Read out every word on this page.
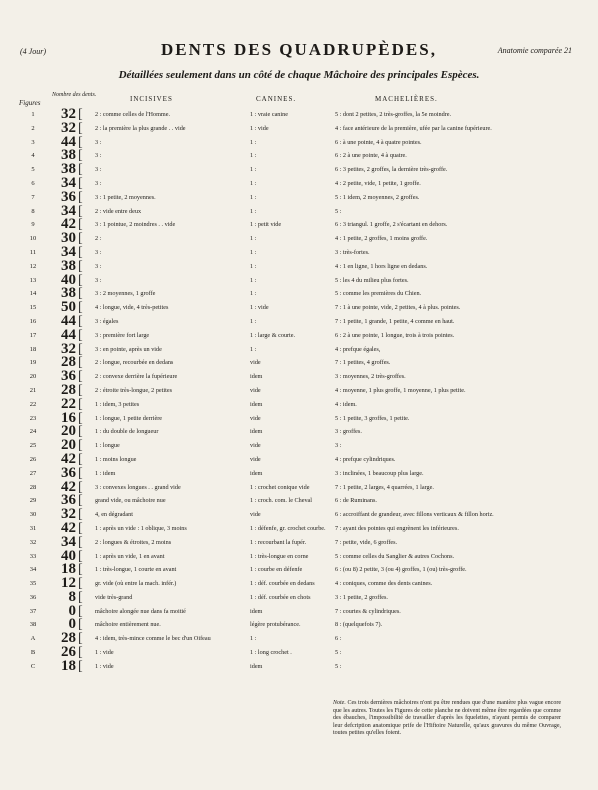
(4 Jour)	DENTS DES QUADRUPÈDES,	Anatomie comparée 21
Détaillées seulement dans un côté de chaque Mâchoire des principales Espèces.
Figures
Nombre des dents.	INCISIVES	CANINES.	MACHELIÈRES.
1	32	2 : comme celles de l'Homme.	1 : vraie canine	5 : dont 2 petites, 2 très-groffes, la 5e moindre.
[
2	32	2 : la première la plus grande . . vide	1 : vide	4 : face antérieure de la première, ufée par la canine fupérieure.
[
3	44	3 :	1 :	6 : à une pointe, 4 à quatre pointes.
[
4	38	3 :	1 :	6 : 2 à une pointe, 4 à quatre.
[
5	38	3 :	1 :	6 : 3 petites, 2 groffes, la dernière très-groffe.
[
6	34	3 :	1 :	4 : 2 petite, vide, 1 petite, 1 groffe.
[
7	36	3 : 1 petite, 2 moyennes.	1 :	5 : 1 idem, 2 moyennes, 2 groffes.
[
8	34	2 : vide entre deux	1 :	5 :
[
9	42	3 : 1 pointue, 2 moindres . . vide	1 : petit vide	6 : 3 triangul. 1 groffe, 2 s'écartant en dehors.
[
10	30	2 :	1 :	4 : 1 petite, 2 groffes, 1 moins groffe.
[
11	34	3 :	1 :	3 : très-fortes.
[
12	38	3 :	1 :	4 : 1 en ligne, 1 hors ligne en dedans.
[
13	40	3 :	1 :	5 : les 4 du milieu plus fortes.
[
14	38	3 : 2 moyennes, 1 groffe	1 :	5 : comme les premières du Chien.
[
15	50	4 : longue, vide, 4 très-petites	1 : vide	7 : 1 à une pointe, vide, 2 petites, 4 à plus. pointes.
[
16	44	3 : égales	1 :	7 : 1 petite, 1 grande, 1 petite, 4 comme en haut.
[
17	44	3 : première fort large	1 : large & courte.	6 : 2 à une pointe, 1 longue, trois à trois pointes.
[
18	32	3 : en pointe, après un vide	1 :	4 : prefque égales,
[
19	28	2 : longue, recourbée en dedans	vide	7 : 1 petites, 4 groffes.
[
20	36	2 : convexe derrière la fupérieure	idem	3 : moyennes, 2 très-groffes.
[
21	28	2 : étroite très-longue, 2 petites	vide	4 : moyenne, 1 plus groffe, 1 moyenne, 1 plus petite.
[
22	22	1 : idem, 3 petites	idem	4 : idem.
[
23	16	1 : longue, 1 petite derrière	vide	5 : 1 petite, 3 groffes, 1 petite.
[
24	20	1 : du double de longueur	idem	3 : groffes.
[
25	20	1 : longue	vide	3 :
[
26	42	1 : moins longue	vide	4 : prefque cylindriques.
[
27	36	1 : idem	idem	3 : inclinées, 1 beaucoup plus large.
[
28	42	3 : convexes longues . . grand vide	1 : crochet conique vide	7 : 1 petite, 2 larges, 4 quarrées, 1 large.
[
29	36	grand vide, ou mâchoire nue	1 : croch. com. le Cheval	6 : de Ruminans.
[
30	32	4, en dégradant	vide	6 : accroiffant de grandeur, avec fillons verticaux & fillon horiz.
[
31	42	1 : après un vide : 1 oblique, 3 moins	1 : défenfe, gr. crochet courbe.	7 : ayant des pointes qui engrènent les inférieures.
[
32	34	2 : longues & étroites, 2 moins	1 : recourbant la fupér.	7 : petite, vide, 6 groffes.
[
33	40	1 : après un vide, 1 en avant	1 : très-longue en corne	5 : comme celles du Sanglier & autres Cochons.
[
34	18	1 : très-longue, 1 courte en avant	1 : courbe en défenfe	6 : (ou 8) 2 petite, 3 (ou 4) groffes, 1 (ou) très-groffe.
[
35	12	gr. vide (où entre la mach. infér.)	1 : déf. courbée en dedans	4 : coniques, comme des dents canines.
[
36	8	vide très-grand	1 : déf. courbée en chots	3 : 1 petite, 2 groffes.
[
37	0	mâchoire alongée nue dans fa moitié	idem	7 : courtes & cylindriques.
[
38	0	mâchoire entièrement nue.	légère protubérance.	8 : (quelquefois 7).
[
A	28	4 : idem, très-mince comme le bec d'un Oifeau	1 :	6 :
[
B	26	1 : vide	1 : long crochet .	5 :
[
C	18	1 : vide	idem	5 :
[
Note. Ces trois dernières mâchoires n'ont pu être rendues que d'une manière plus vague encore que les autres. Toutes les Figures de cette planche ne doivent même être regardées que comme des ébauches, l'impossibilité de travailler d'après les fquelettes, n'ayant permis de comparer leur defcription anatomique prife de l'Hiftoire Naturelle, qu'aux gravures du même Ouvrage, toutes petites qu'elles foient.
